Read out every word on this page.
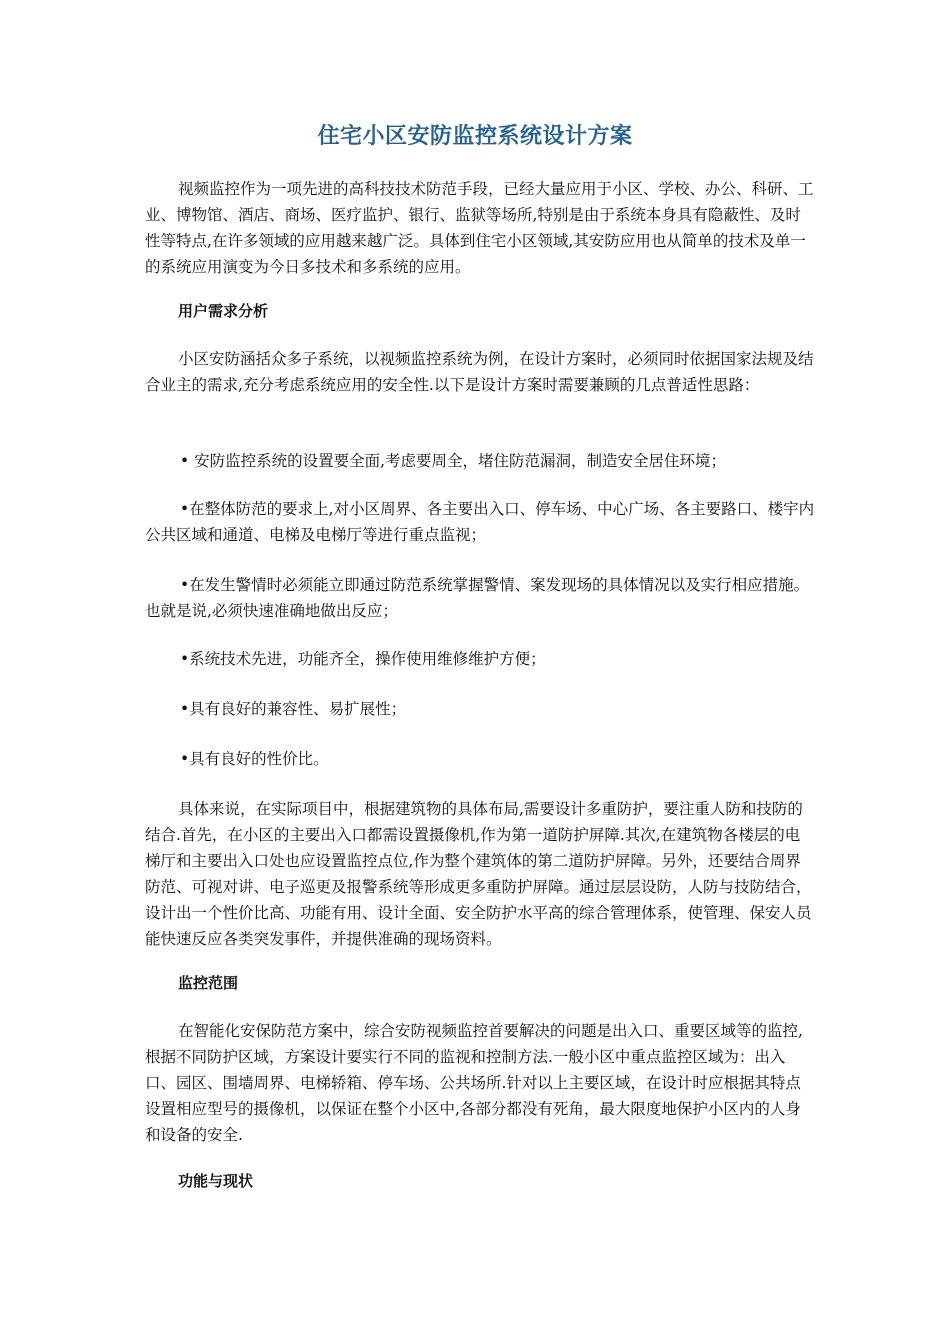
住宅小区安防监控系统设计方案
视频监控作为一项先进的高科技技术防范手段，已经大量应用于小区、学校、办公、科研、工业、博物馆、酒店、商场、医疗监护、银行、监狱等场所,特别是由于系统本身具有隐蔽性、及时性等特点,在许多领域的应用越来越广泛。具体到住宅小区领域,其安防应用也从简单的技术及单一的系统应用演变为今日多技术和多系统的应用。
用户需求分析
小区安防涵括众多子系统，以视频监控系统为例，在设计方案时，必须同时依据国家法规及结合业主的需求,充分考虑系统应用的安全性.以下是设计方案时需要兼顾的几点普适性思路：
• 安防监控系统的设置要全面,考虑要周全，堵住防范漏洞，制造安全居住环境；
•在整体防范的要求上,对小区周界、各主要出入口、停车场、中心广场、各主要路口、楼宇内公共区域和通道、电梯及电梯厅等进行重点监视；
•在发生警情时必须能立即通过防范系统掌握警情、案发现场的具体情况以及实行相应措施。也就是说,必须快速准确地做出反应；
•系统技术先进，功能齐全，操作使用维修维护方便；
•具有良好的兼容性、易扩展性；
•具有良好的性价比。
具体来说，在实际项目中，根据建筑物的具体布局,需要设计多重防护，要注重人防和技防的结合.首先，在小区的主要出入口都需设置摄像机,作为第一道防护屏障.其次,在建筑物各楼层的电梯厅和主要出入口处也应设置监控点位,作为整个建筑体的第二道防护屏障。另外，还要结合周界防范、可视对讲、电子巡更及报警系统等形成更多重防护屏障。通过层层设防，人防与技防结合，设计出一个性价比高、功能有用、设计全面、安全防护水平高的综合管理体系，使管理、保安人员能快速反应各类突发事件，并提供准确的现场资料。
监控范围
在智能化安保防范方案中，综合安防视频监控首要解决的问题是出入口、重要区域等的监控,根据不同防护区域，方案设计要实行不同的监视和控制方法.一般小区中重点监控区域为：出入口、园区、围墙周界、电梯轿箱、停车场、公共场所.针对以上主要区域，在设计时应根据其特点设置相应型号的摄像机，以保证在整个小区中,各部分都没有死角，最大限度地保护小区内的人身和设备的安全.
功能与现状
